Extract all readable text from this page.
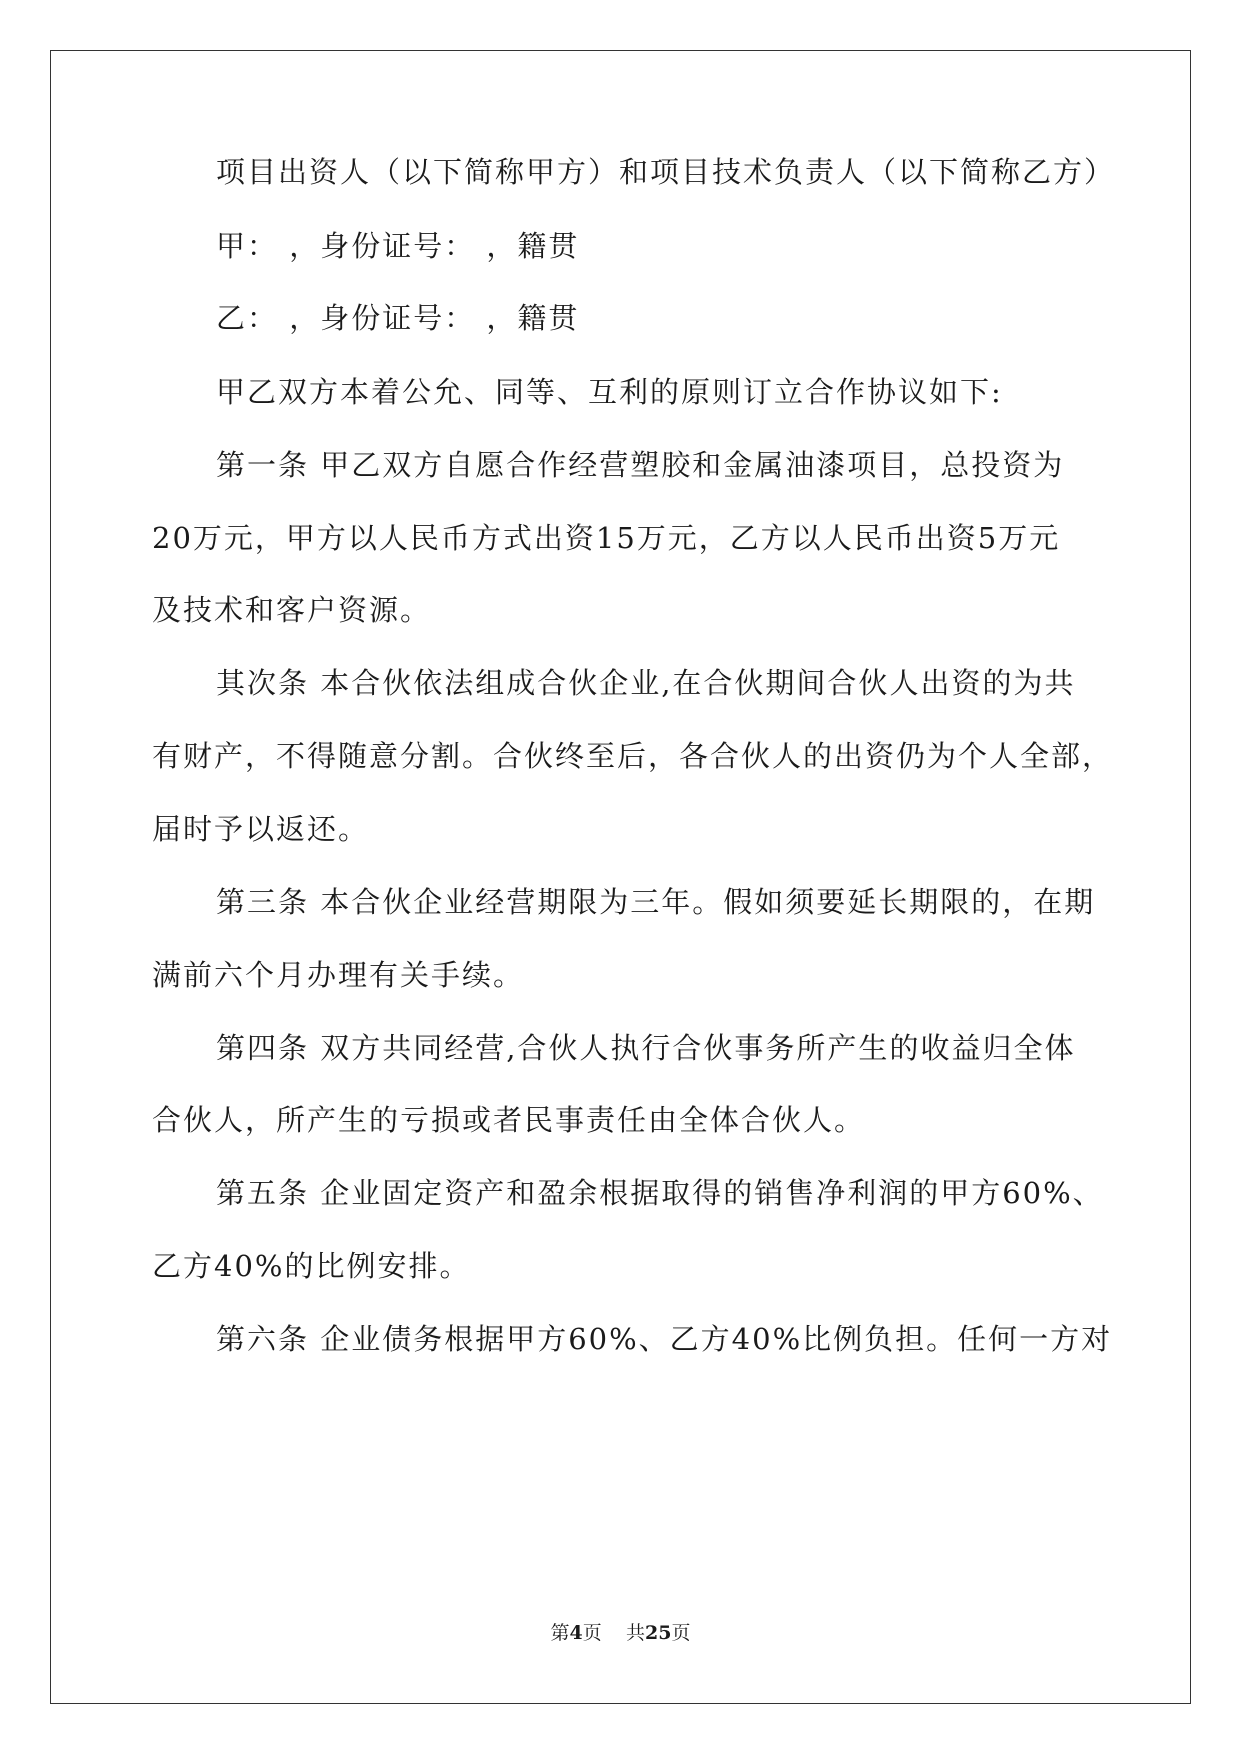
项目出资人（以下简称甲方）和项目技术负责人（以下简称乙方）
甲： ，身份证号： ，籍贯
乙： ，身份证号： ，籍贯
甲乙双方本着公允、同等、互利的原则订立合作协议如下:
第一条 甲乙双方自愿合作经营塑胶和金属油漆项目，总投资为
20万元，甲方以人民币方式出资15万元，乙方以人民币出资5万元
及技术和客户资源。
其次条 本合伙依法组成合伙企业,在合伙期间合伙人出资的为共
有财产，不得随意分割。合伙终至后，各合伙人的出资仍为个人全部，
届时予以返还。
第三条 本合伙企业经营期限为三年。假如须要延长期限的，在期
满前六个月办理有关手续。
第四条 双方共同经营,合伙人执行合伙事务所产生的收益归全体
合伙人，所产生的亏损或者民事责任由全体合伙人。
第五条 企业固定资产和盈余根据取得的销售净利润的甲方60%、
乙方40%的比例安排。
第六条 企业债务根据甲方60%、乙方40%比例负担。任何一方对
第4页 共25页
